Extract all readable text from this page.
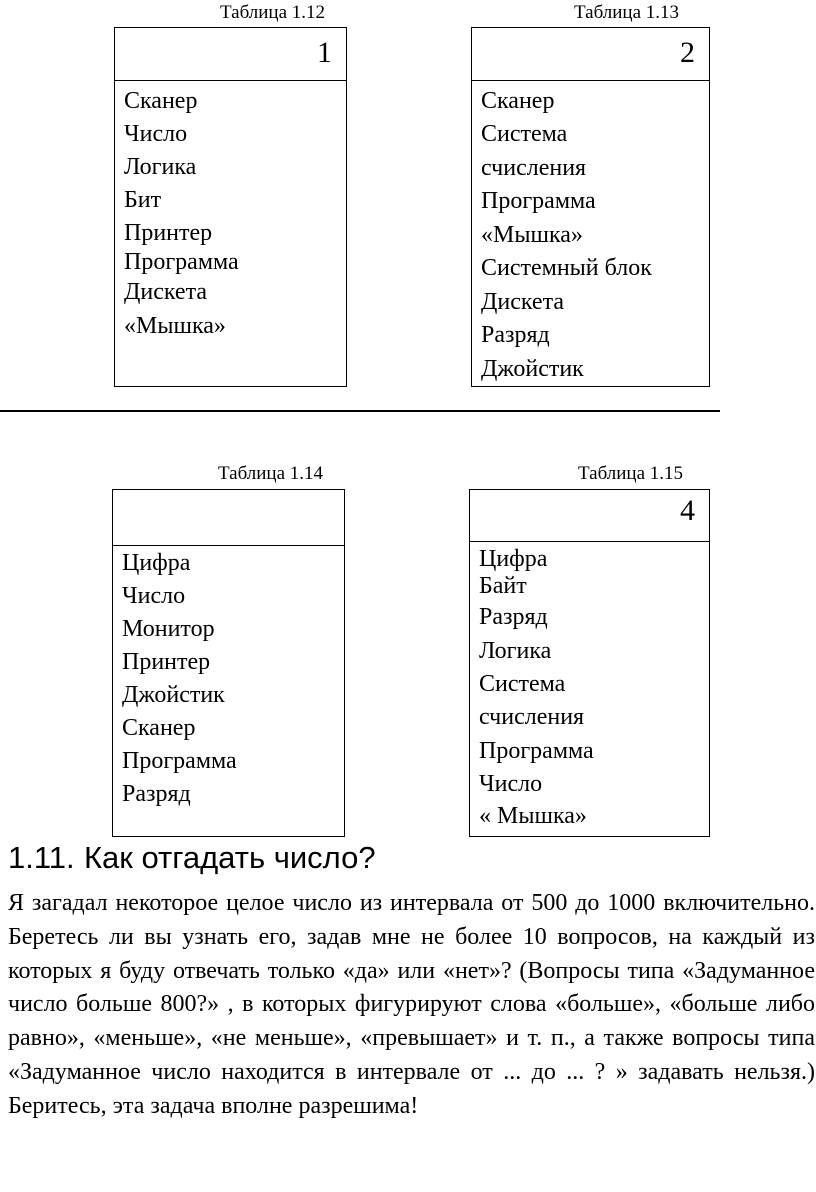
Таблица 1.12
1
Сканер
Число
Логика
Бит
Принтер
Программа
Дискета
«Мышка»
Таблица 1.13
2
Сканер
Система
счисления
Программа
«Мышка»
Системный блок
Дискета
Разряд
Джойстик
Таблица 1.14
Цифра
Число
Монитор
Принтер
Джойстик
Сканер
Программа
Разряд
Таблица 1.15
4
Цифра
Байт
Разряд
Логика
Система
счисления
Программа
Число
« Мышка»
1.11. Как отгадать число?

Я загадал некоторое целое число из интервала от 500 до 1000 включительно. Беретесь ли вы узнать его, задав мне не более 10 вопросов, на каждый из которых я буду отвечать только «да» или «нет»? (Вопросы типа «Задуманное число больше 800?» , в которых фигурируют слова «больше», «больше либо равно», «меньше», «не меньше», «превышает» и т. п., а также вопросы типа «Задуманное число находится в интервале от ... до ... ? » задавать нельзя.) Беритесь, эта задача вполне разрешима!
